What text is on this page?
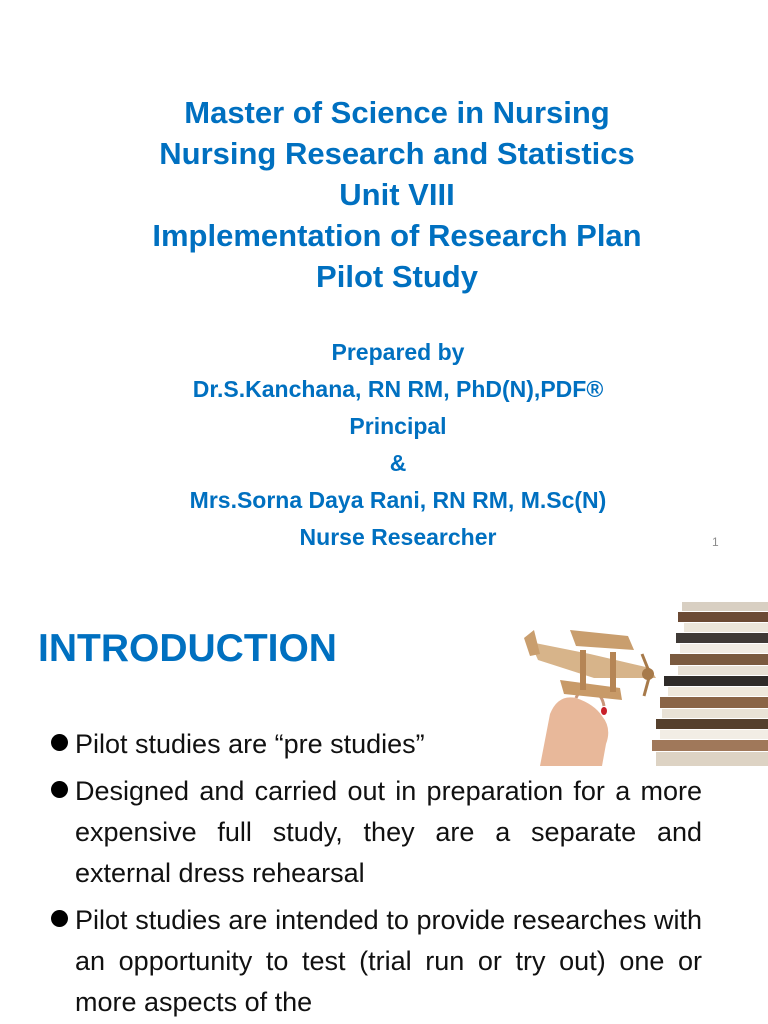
Master of Science in Nursing
Nursing Research and Statistics
Unit VIII
Implementation of Research Plan
Pilot Study
Prepared by
Dr.S.Kanchana, RN RM, PhD(N),PDF®
Principal
&
Mrs.Sorna Daya Rani, RN RM, M.Sc(N)
Nurse Researcher	1
INTRODUCTION
Pilot studies are “pre studies”
Designed and carried out in preparation for a more expensive full study, they are a separate and external dress rehearsal
Pilot studies are intended to provide researches with an opportunity to test (trial run or try out) one or more aspects of the
